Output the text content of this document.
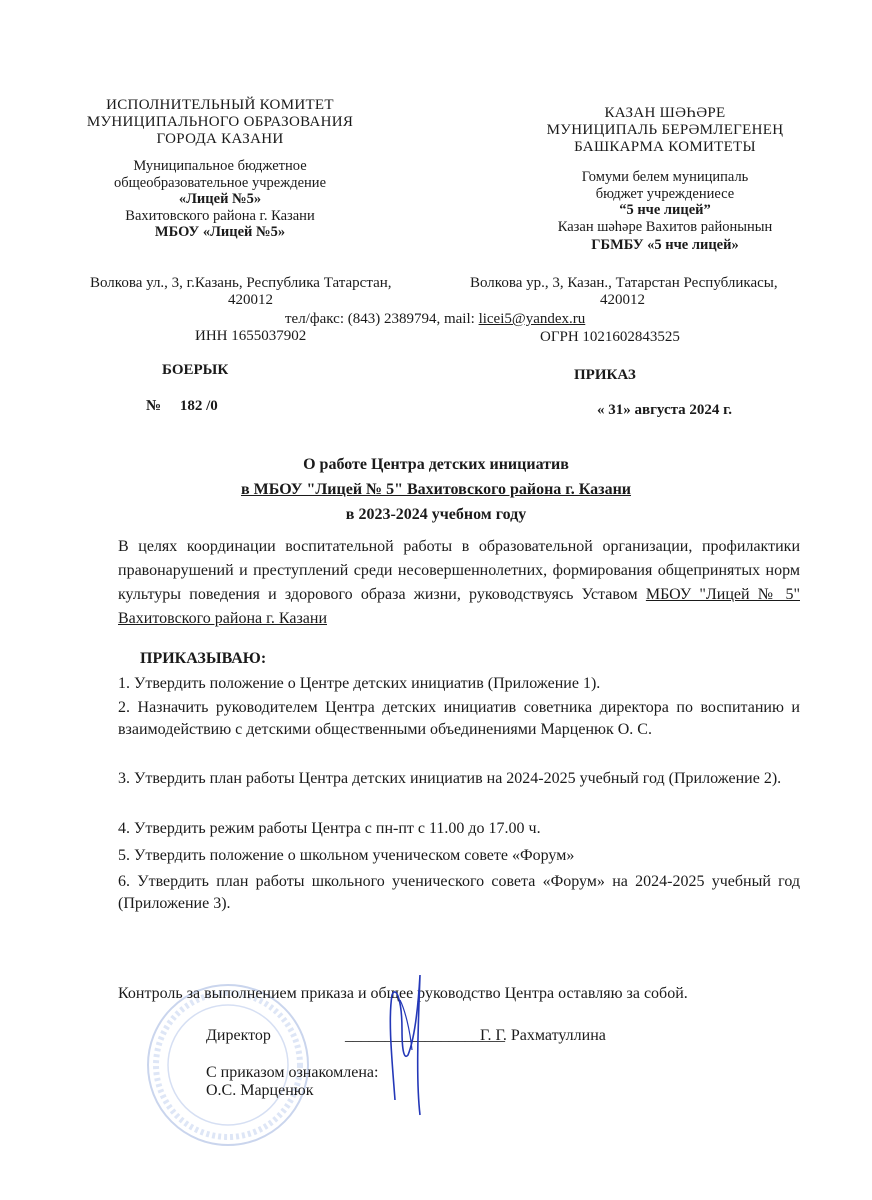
ИСПОЛНИТЕЛЬНЫЙ КОМИТЕТ
МУНИЦИПАЛЬНОГО ОБРАЗОВАНИЯ
ГОРОДА КАЗАНИ
Муниципальное бюджетное
общеобразовательное учреждение
«Лицей №5»
Вахитовского района г. Казани
МБОУ «Лицей №5»
КАЗАН ШӘҺӘРЕ
МУНИЦИПАЛЬ БЕРӘМЛЕГЕНЕҢ
БАШКАРМА КОМИТЕТЫ
Гомуми белем муниципаль
бюджет учреждениесе
“5 нче лицей”
Казан шәһәре Вахитов районынын
ГБМБУ «5 нче лицей»
Волкова ул., 3, г.Казань, Республика Татарстан,
420012
Волкова ур., 3, Казан., Татарстан Республикасы,
420012
тел/факс: (843) 2389794, mail: licei5@yandex.ru
ИНН 1655037902	ОГРН 1021602843525
БОЕРЫК	ПРИКАЗ
№ 182 /0	« 31» августа 2024 г.
О работе Центра детских инициатив
в МБОУ "Лицей № 5" Вахитовского района г. Казани
в 2023-2024 учебном году
В целях координации воспитательной работы в образовательной организации, профилактики правонарушений и преступлений среди несовершеннолетних, формирования общепринятых норм культуры поведения и здорового образа жизни, руководствуясь Уставом МБОУ "Лицей № 5" Вахитовского района г. Казани
ПРИКАЗЫВАЮ:
1. Утвердить положение о Центре детских инициатив (Приложение 1).
2. Назначить руководителем Центра детских инициатив советника директора по воспитанию и взаимодействию с детскими общественными объединениями Марценюк О. С.
3. Утвердить план работы Центра детских инициатив на 2024-2025 учебный год (Приложение 2).
4. Утвердить режим работы Центра с пн-пт с 11.00 до 17.00 ч.
5. Утвердить положение о школьном ученическом совете «Форум»
6. Утвердить план работы школьного ученического совета «Форум» на 2024-2025 учебный год (Приложение 3).
Контроль за выполнением приказа и общее руководство Центра оставляю за собой.
Директор	____________________
Г. Г. Рахматуллина
С приказом ознакомлена:
О.С. Марценюк
